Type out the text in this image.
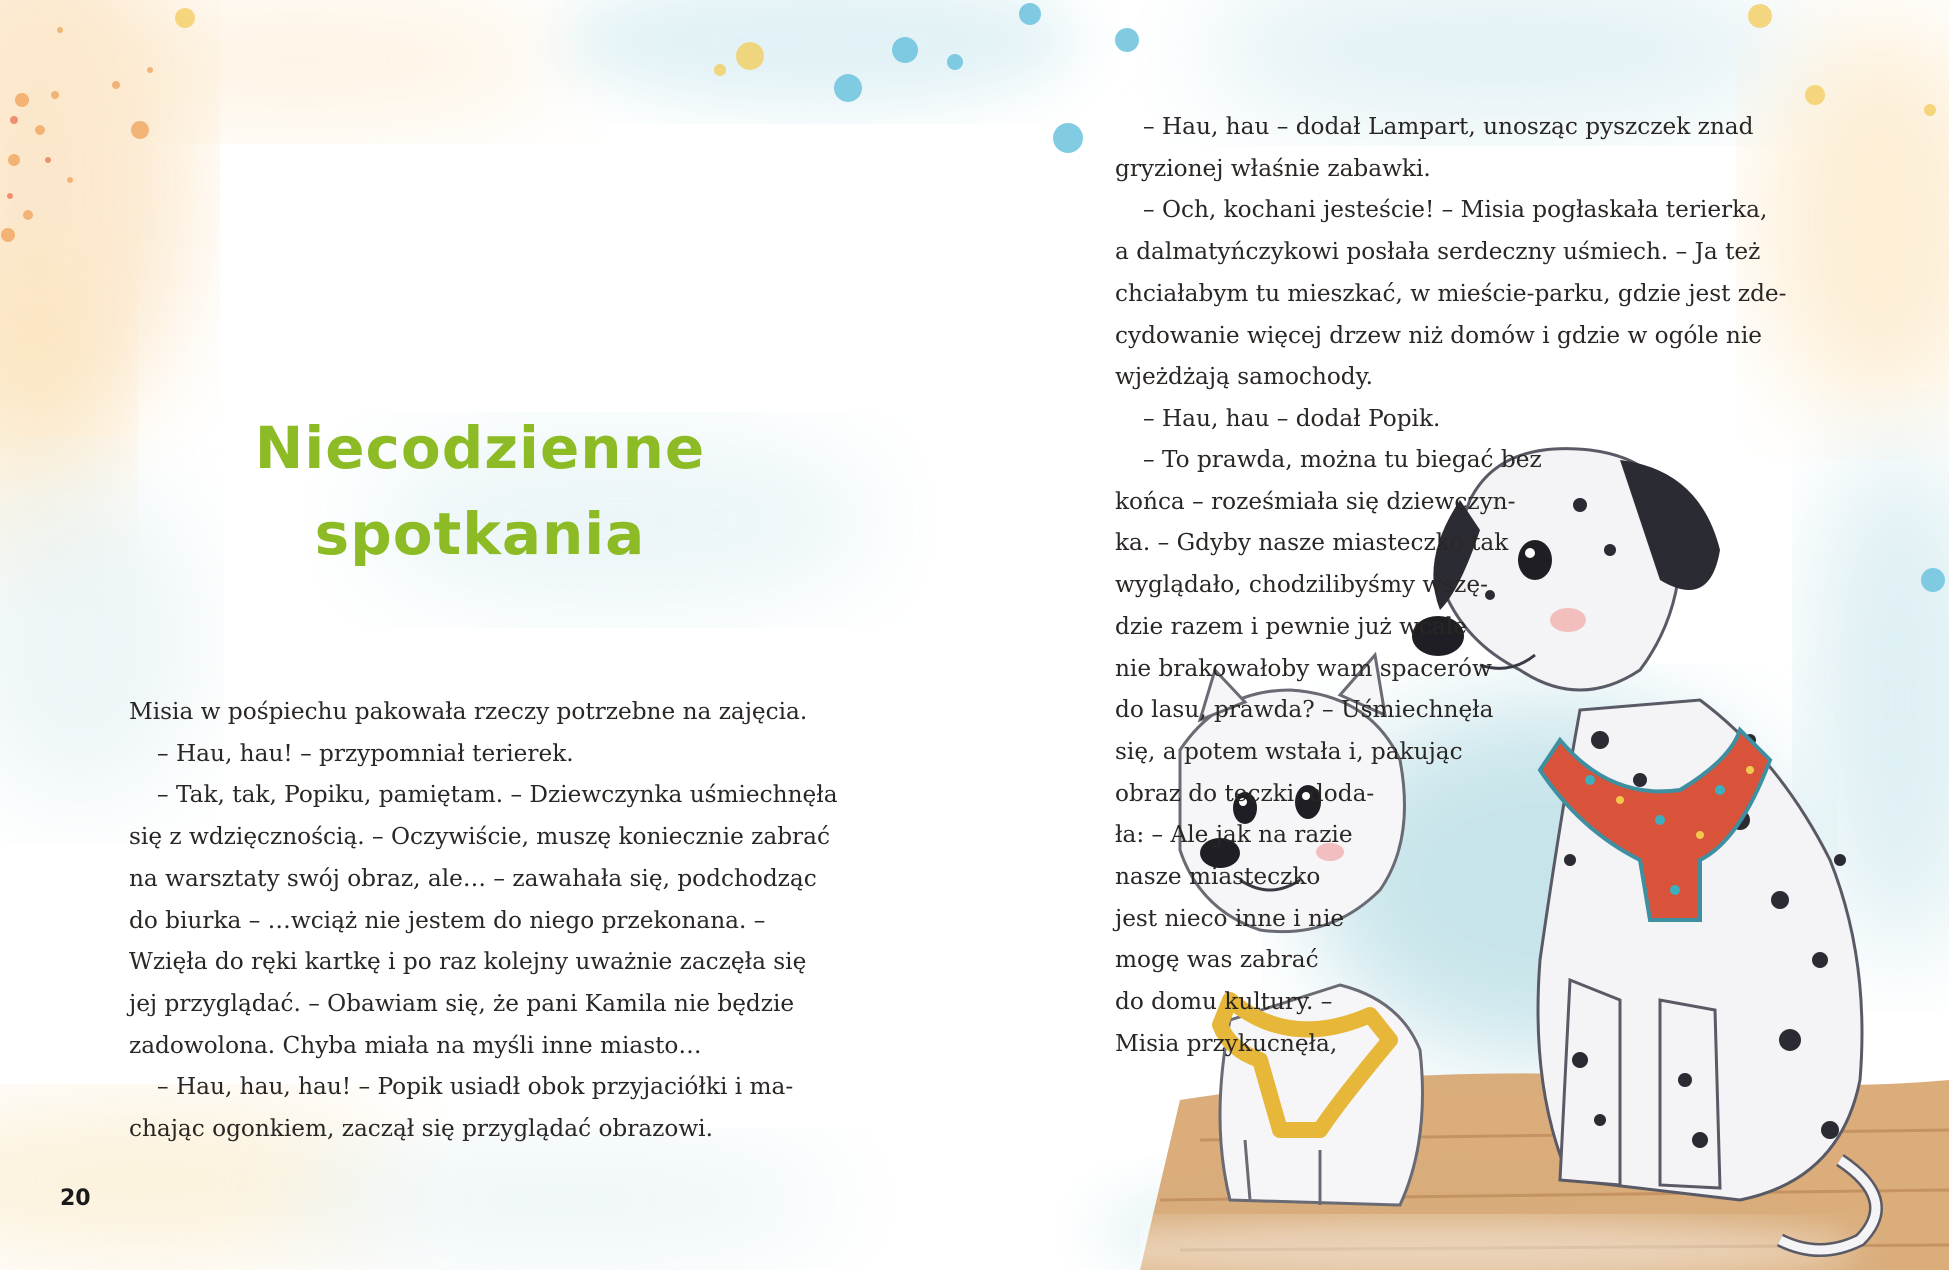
Niecodzienne
spotkania

Misia w pośpiechu pakowała rzeczy potrzebne na zajęcia.

– Hau, hau! – przypomniał terierek.

– Tak, tak, Popiku, pamiętam. – Dziewczynka uśmiechnęła

się z wdzięcznością. – Oczywiście, muszę koniecznie zabrać

na warsztaty swój obraz, ale… – zawahała się, podchodząc

do biurka – …wciąż nie jestem do niego przekonana. –

Wzięła do ręki kartkę i po raz kolejny uważnie zaczęła się

jej przyglądać. – Obawiam się, że pani Kamila nie będzie

zadowolona. Chyba miała na myśli inne miasto…

– Hau, hau, hau! – Popik usiadł obok przyjaciółki i ma-

chając ogonkiem, zaczął się przyglądać obrazowi.

20

– Hau, hau – dodał Lampart, unosząc pyszczek znad

gryzionej właśnie zabawki.

– Och, kochani jesteście! – Misia pogłaskała terierka,

a dalmatyńczykowi posłała serdeczny uśmiech. – Ja też

chciałabym tu mieszkać, w mieście-parku, gdzie jest zde-

cydowanie więcej drzew niż domów i gdzie w ogóle nie

wjeżdżają samochody.

– Hau, hau – dodał Popik.

– To prawda, można tu biegać bez

końca – roześmiała się dziewczyn-

ka. – Gdyby nasze miasteczko tak

wyglądało, chodzilibyśmy wszę-

dzie razem i pewnie już wcale

nie brakowałoby wam spacerów

do lasu, prawda? – Uśmiechnęła

się, a potem wstała i, pakując

obraz do teczki, doda-

ła: – Ale jak na razie

nasze miasteczko

jest nieco inne i nie

mogę was zabrać

do domu kultury. –

Misia przykucnęła,
